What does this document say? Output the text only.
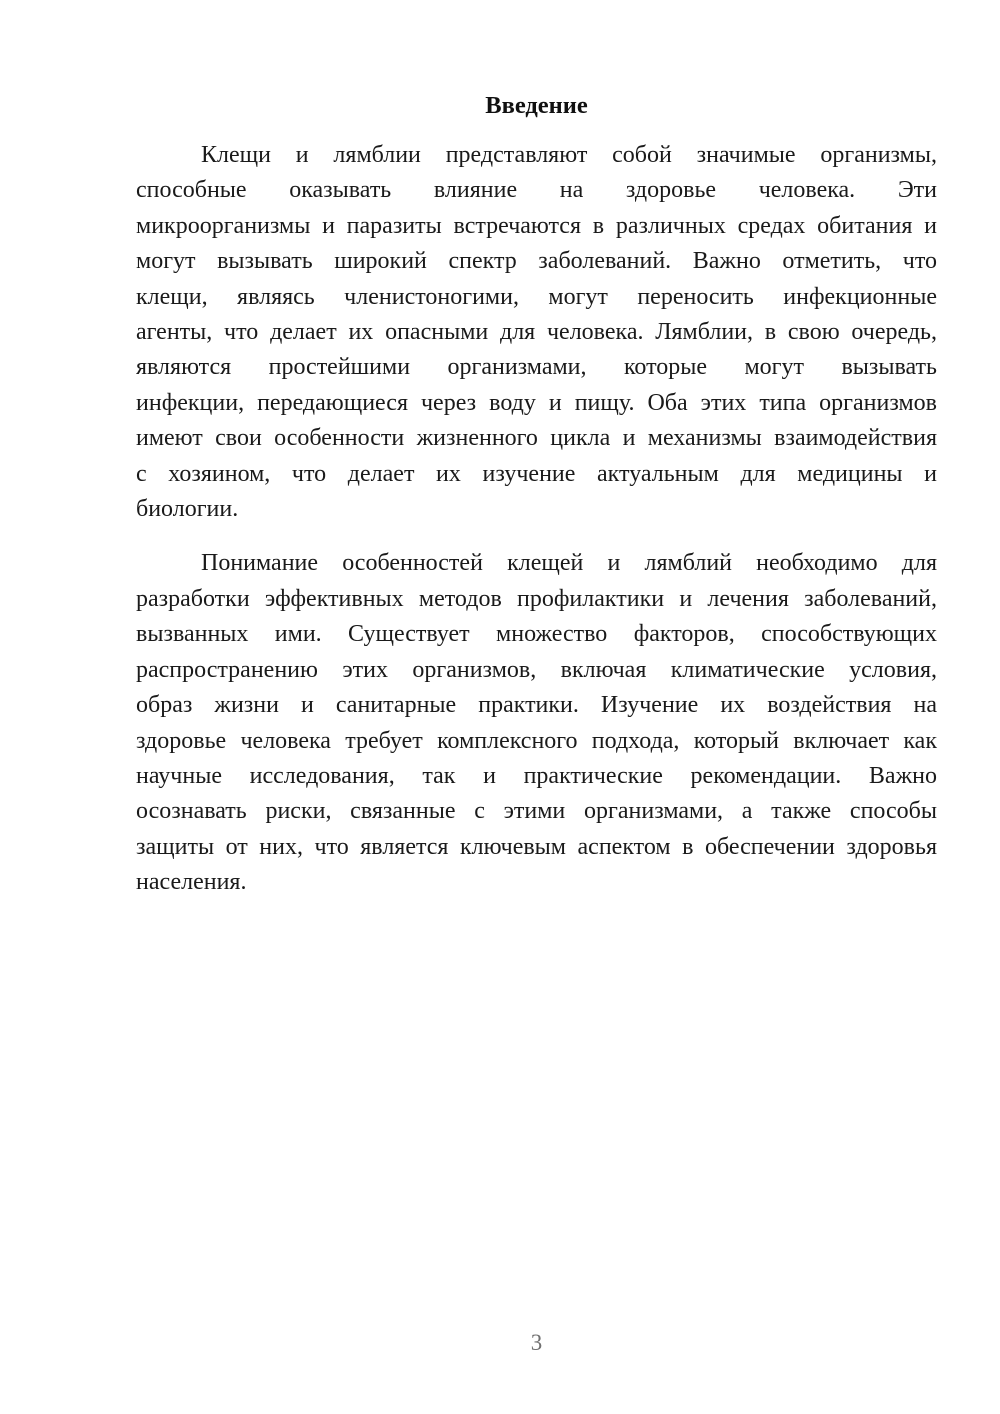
Введение
Клещи и лямблии представляют собой значимые организмы,
способные оказывать влияние на здоровье человека. Эти
микроорганизмы и паразиты встречаются в различных средах обитания и
могут вызывать широкий спектр заболеваний. Важно отметить, что
клещи, являясь членистоногими, могут переносить инфекционные
агенты, что делает их опасными для человека. Лямблии, в свою очередь,
являются простейшими организмами, которые могут вызывать
инфекции, передающиеся через воду и пищу. Оба этих типа организмов
имеют свои особенности жизненного цикла и механизмы взаимодействия
с хозяином, что делает их изучение актуальным для медицины и
биологии.
Понимание особенностей клещей и лямблий необходимо для
разработки эффективных методов профилактики и лечения заболеваний,
вызванных ими. Существует множество факторов, способствующих
распространению этих организмов, включая климатические условия,
образ жизни и санитарные практики. Изучение их воздействия на
здоровье человека требует комплексного подхода, который включает как
научные исследования, так и практические рекомендации. Важно
осознавать риски, связанные с этими организмами, а также способы
защиты от них, что является ключевым аспектом в обеспечении здоровья
населения.
3
